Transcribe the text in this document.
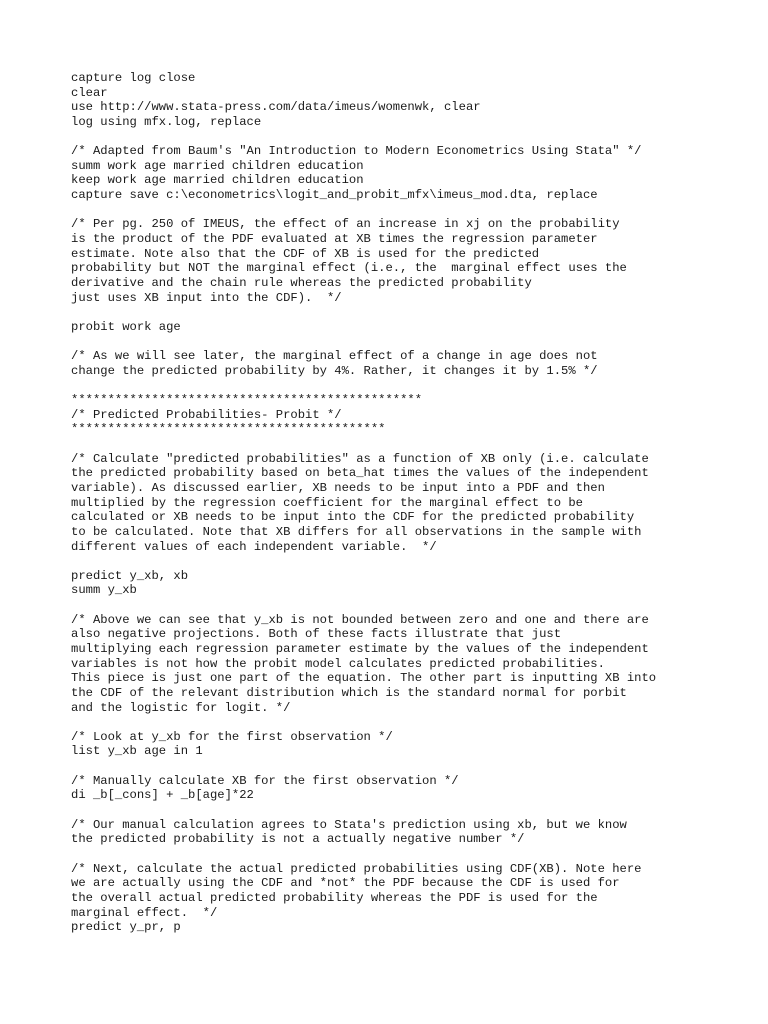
capture log close
clear
use http://www.stata-press.com/data/imeus/womenwk, clear
log using mfx.log, replace
/* Adapted from Baum's "An Introduction to Modern Econometrics Using Stata" */
summ work age married children education
keep work age married children education
capture save c:\econometrics\logit_and_probit_mfx\imeus_mod.dta, replace
/* Per pg. 250 of IMEUS, the effect of an increase in xj on the probability
is the product of the PDF evaluated at XB times the regression parameter
estimate. Note also that the CDF of XB is used for the predicted
probability but NOT the marginal effect (i.e., the  marginal effect uses the
derivative and the chain rule whereas the predicted probability
just uses XB input into the CDF).  */
probit work age
/* As we will see later, the marginal effect of a change in age does not
change the predicted probability by 4%. Rather, it changes it by 1.5% */
************************************************
/* Predicted Probabilities- Probit */
*******************************************
/* Calculate "predicted probabilities" as a function of XB only (i.e. calculate
the predicted probability based on beta_hat times the values of the independent
variable). As discussed earlier, XB needs to be input into a PDF and then
multiplied by the regression coefficient for the marginal effect to be
calculated or XB needs to be input into the CDF for the predicted probability
to be calculated. Note that XB differs for all observations in the sample with
different values of each independent variable.  */
predict y_xb, xb
summ y_xb
/* Above we can see that y_xb is not bounded between zero and one and there are
also negative projections. Both of these facts illustrate that just
multiplying each regression parameter estimate by the values of the independent
variables is not how the probit model calculates predicted probabilities.
This piece is just one part of the equation. The other part is inputting XB into
the CDF of the relevant distribution which is the standard normal for porbit
and the logistic for logit. */
/* Look at y_xb for the first observation */
list y_xb age in 1
/* Manually calculate XB for the first observation */
di _b[_cons] + _b[age]*22
/* Our manual calculation agrees to Stata's prediction using xb, but we know
the predicted probability is not a actually negative number */
/* Next, calculate the actual predicted probabilities using CDF(XB). Note here
we are actually using the CDF and *not* the PDF because the CDF is used for
the overall actual predicted probability whereas the PDF is used for the
marginal effect.  */
predict y_pr, p
